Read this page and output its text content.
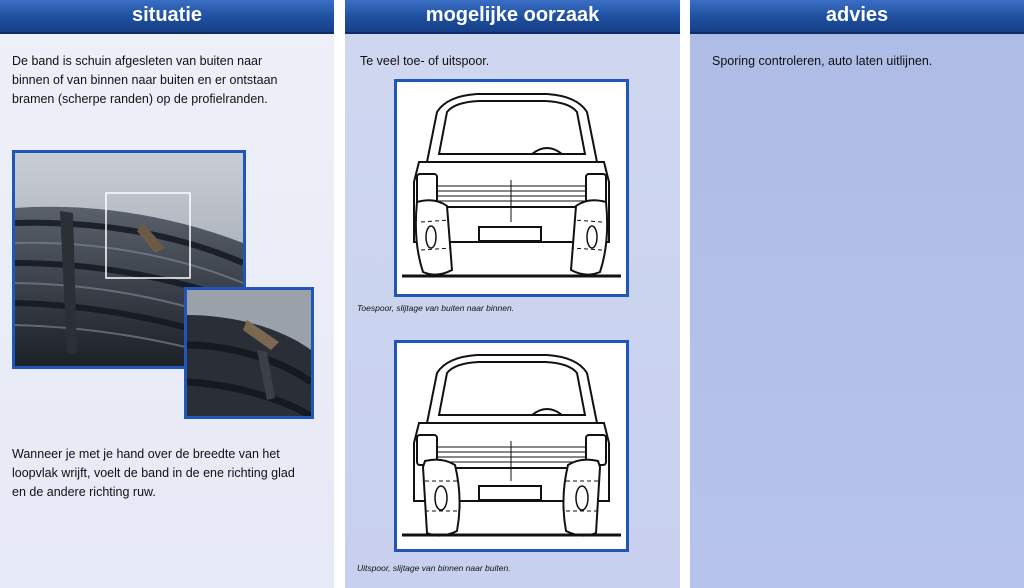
situatie
De band is schuin afgesleten van buiten naar
binnen of van binnen naar buiten en er ontstaan
bramen (scherpe randen) op de profielranden.
Wanneer je met je hand over de breedte van het
loopvlak wrijft, voelt de band in de ene richting glad
en de andere richting ruw.
mogelijke oorzaak
Te veel toe- of uitspoor.
Toespoor, slijtage van buiten naar binnen.
Uitspoor, slijtage van binnen naar buiten.
advies
Sporing controleren, auto laten uitlijnen.
